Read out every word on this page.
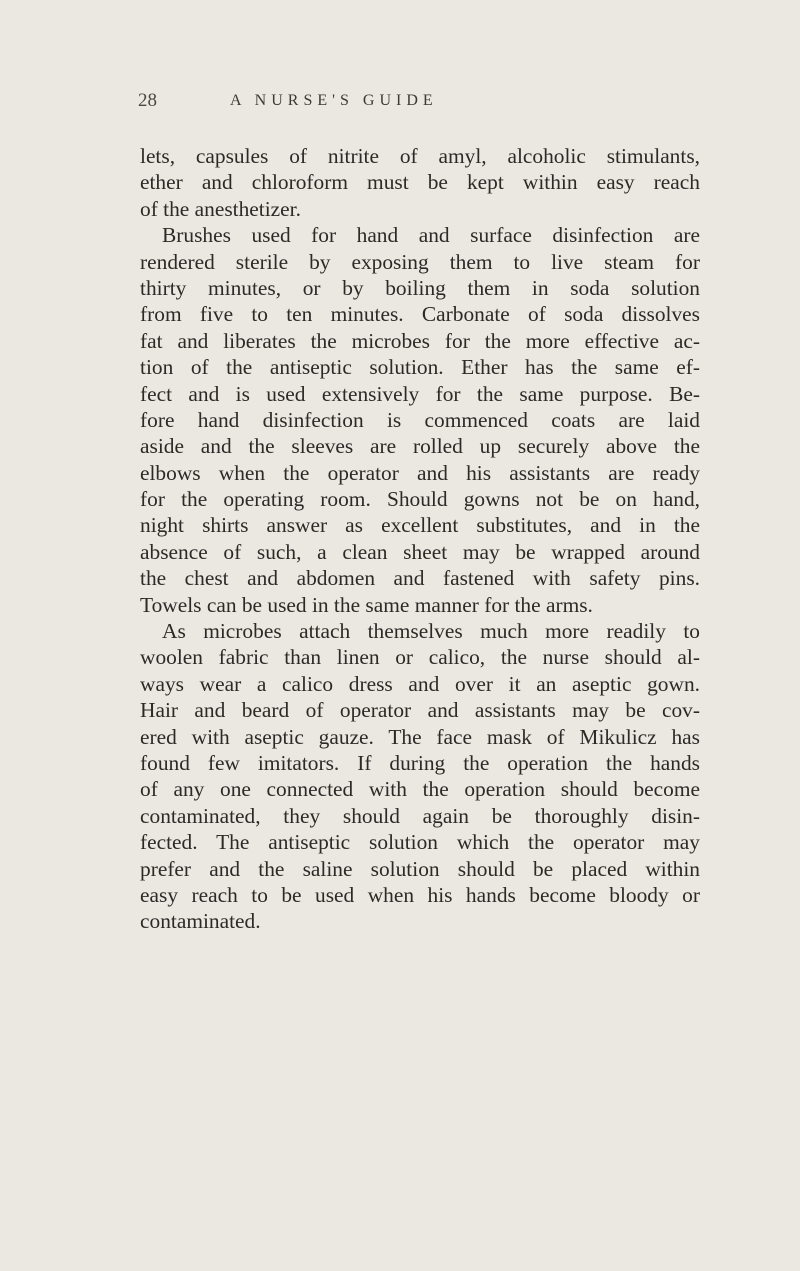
28	A NURSE'S GUIDE
lets, capsules of nitrite of amyl, alcoholic stimulants,
ether and chloroform must be kept within easy reach
of the anesthetizer.
Brushes used for hand and surface disinfection are
rendered sterile by exposing them to live steam for
thirty minutes, or by boiling them in soda solution
from five to ten minutes. Carbonate of soda dissolves
fat and liberates the microbes for the more effective ac-
tion of the antiseptic solution. Ether has the same ef-
fect and is used extensively for the same purpose. Be-
fore hand disinfection is commenced coats are laid
aside and the sleeves are rolled up securely above the
elbows when the operator and his assistants are ready
for the operating room. Should gowns not be on hand,
night shirts answer as excellent substitutes, and in the
absence of such, a clean sheet may be wrapped around
the chest and abdomen and fastened with safety pins.
Towels can be used in the same manner for the arms.
As microbes attach themselves much more readily to
woolen fabric than linen or calico, the nurse should al-
ways wear a calico dress and over it an aseptic gown.
Hair and beard of operator and assistants may be cov-
ered with aseptic gauze. The face mask of Mikulicz has
found few imitators. If during the operation the hands
of any one connected with the operation should become
contaminated, they should again be thoroughly disin-
fected. The antiseptic solution which the operator may
prefer and the saline solution should be placed within
easy reach to be used when his hands become bloody or
contaminated.
